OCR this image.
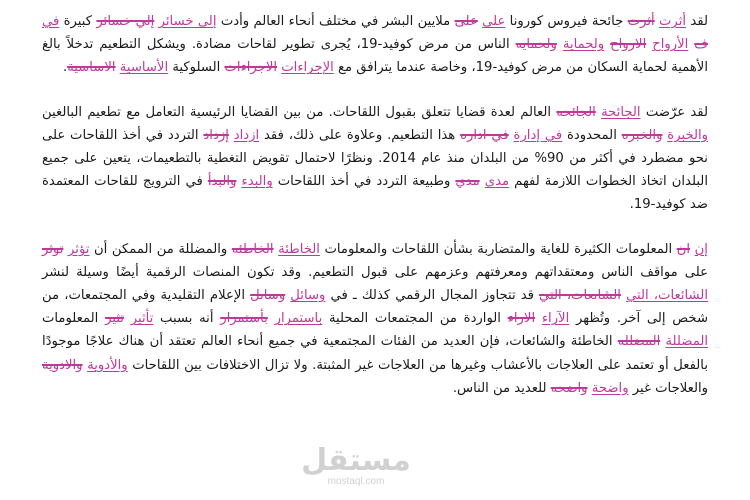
لقد أثرت أثرت جائحة فيروس كورونا على على ملايين البشر في مختلف أنحاء العالم وأدت إلى خسائر إلي خسائر كبيرة في ف الأرواح الارواح ولحماية ولحمايه الناس من مرض كوفيد-19، يُجرى تطوير لقاحات مضادة. ويشكل التطعيم تدخلاً بالغ الأهمية لحماية السكان من مرض كوفيد-19، وخاصة عندما يترافق مع الإجراءات الاجراءات السلوكية الأساسية الاساسية.

لقد عرّضت الجائحة الجائحه العالم لعدة قضايا تتعلق بقبول اللقاحات. من بين القضايا الرئيسية التعامل مع تطعيم البالغين والخبرة والخبره المحدودة في إدارة في اداره هذا التطعيم. وعلاوة على ذلك، فقد ازداد إزداد التردد في أخذ اللقاحات على نحو مضطرد في أكثر من 90% من البلدان منذ عام 2014. ونظرًا لاحتمال تقويض التغطية بالتطعيمات، يتعين على جميع البلدان اتخاذ الخطوات اللازمة لفهم مدى مدي وطبيعة التردد في أخذ اللقاحات والبدء والبدأ في الترويج للقاحات المعتمدة ضد كوفيد-19.

إن ان المعلومات الكثيرة للغاية والمتضاربة بشأن اللقاحات والمعلومات الخاطئة الخاطئه والمضللة من الممكن أن تؤثر توثر على مواقف الناس ومعتقداتهم ومعرفتهم وعزمهم على قبول التطعيم. وقد تكون المنصات الرقمية أيضًا وسيلة لنشر الشائعات، التي الشاىعات، التي قد تتجاوز المجال الرقمي كذلك ـ في وسائل وساىل الإعلام التقليدية وفي المجتمعات، من شخص إلى آخر. وتُظهر الآراء الاراء الواردة من المجتمعات المحلية باستمرار بأستمرار أنه بسبب تأثير تثير المعلومات المضللة المضلله الخاطئة والشائعات، فإن العديد من الفئات المجتمعية في جميع أنحاء العالم تعتقد أن هناك علاجًا موجودًا بالفعل أو تعتمد على العلاجات بالأعشاب وغيرها من العلاجات غير المثبتة. ولا تزال الاختلافات بين اللقاحات والأدوية والادوية والعلاجات غير واضحة واضحه للعديد من الناس.

مستقل
mostaql.com
